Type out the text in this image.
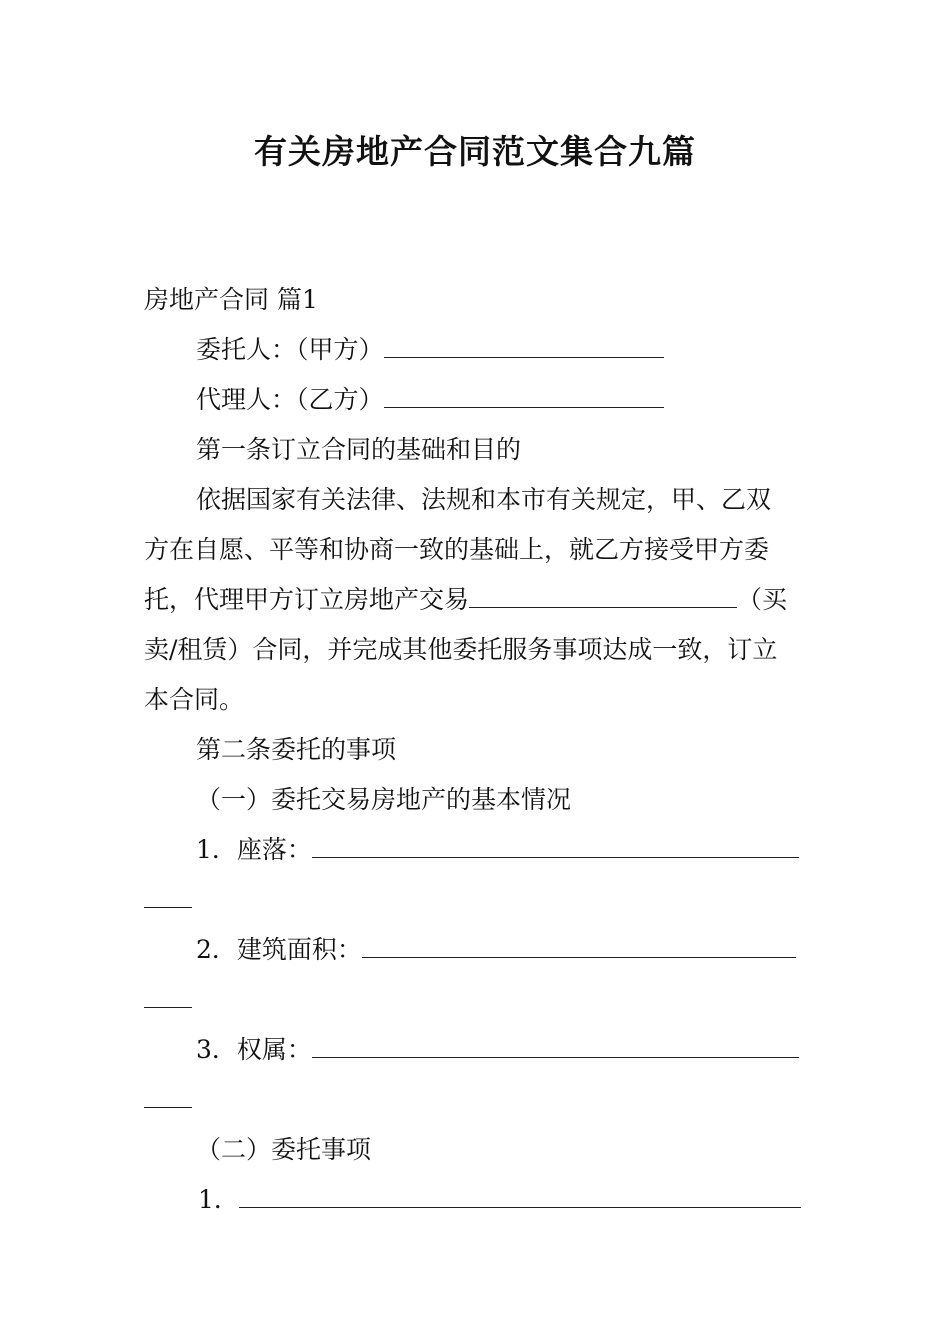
有关房地产合同范文集合九篇
房地产合同 篇1
委托人：（甲方）
代理人：（乙方）
第一条订立合同的基础和目的
依据国家有关法律、法规和本市有关规定，甲、乙双
方在自愿、平等和协商一致的基础上，就乙方接受甲方委
托，代理甲方订立房地产交易	（买
卖/租赁）合同，并完成其他委托服务事项达成一致，订立
本合同。
第二条委托的事项
（一）委托交易房地产的基本情况
1．座落：
2．建筑面积：
3．权属：
（二）委托事项
1．
